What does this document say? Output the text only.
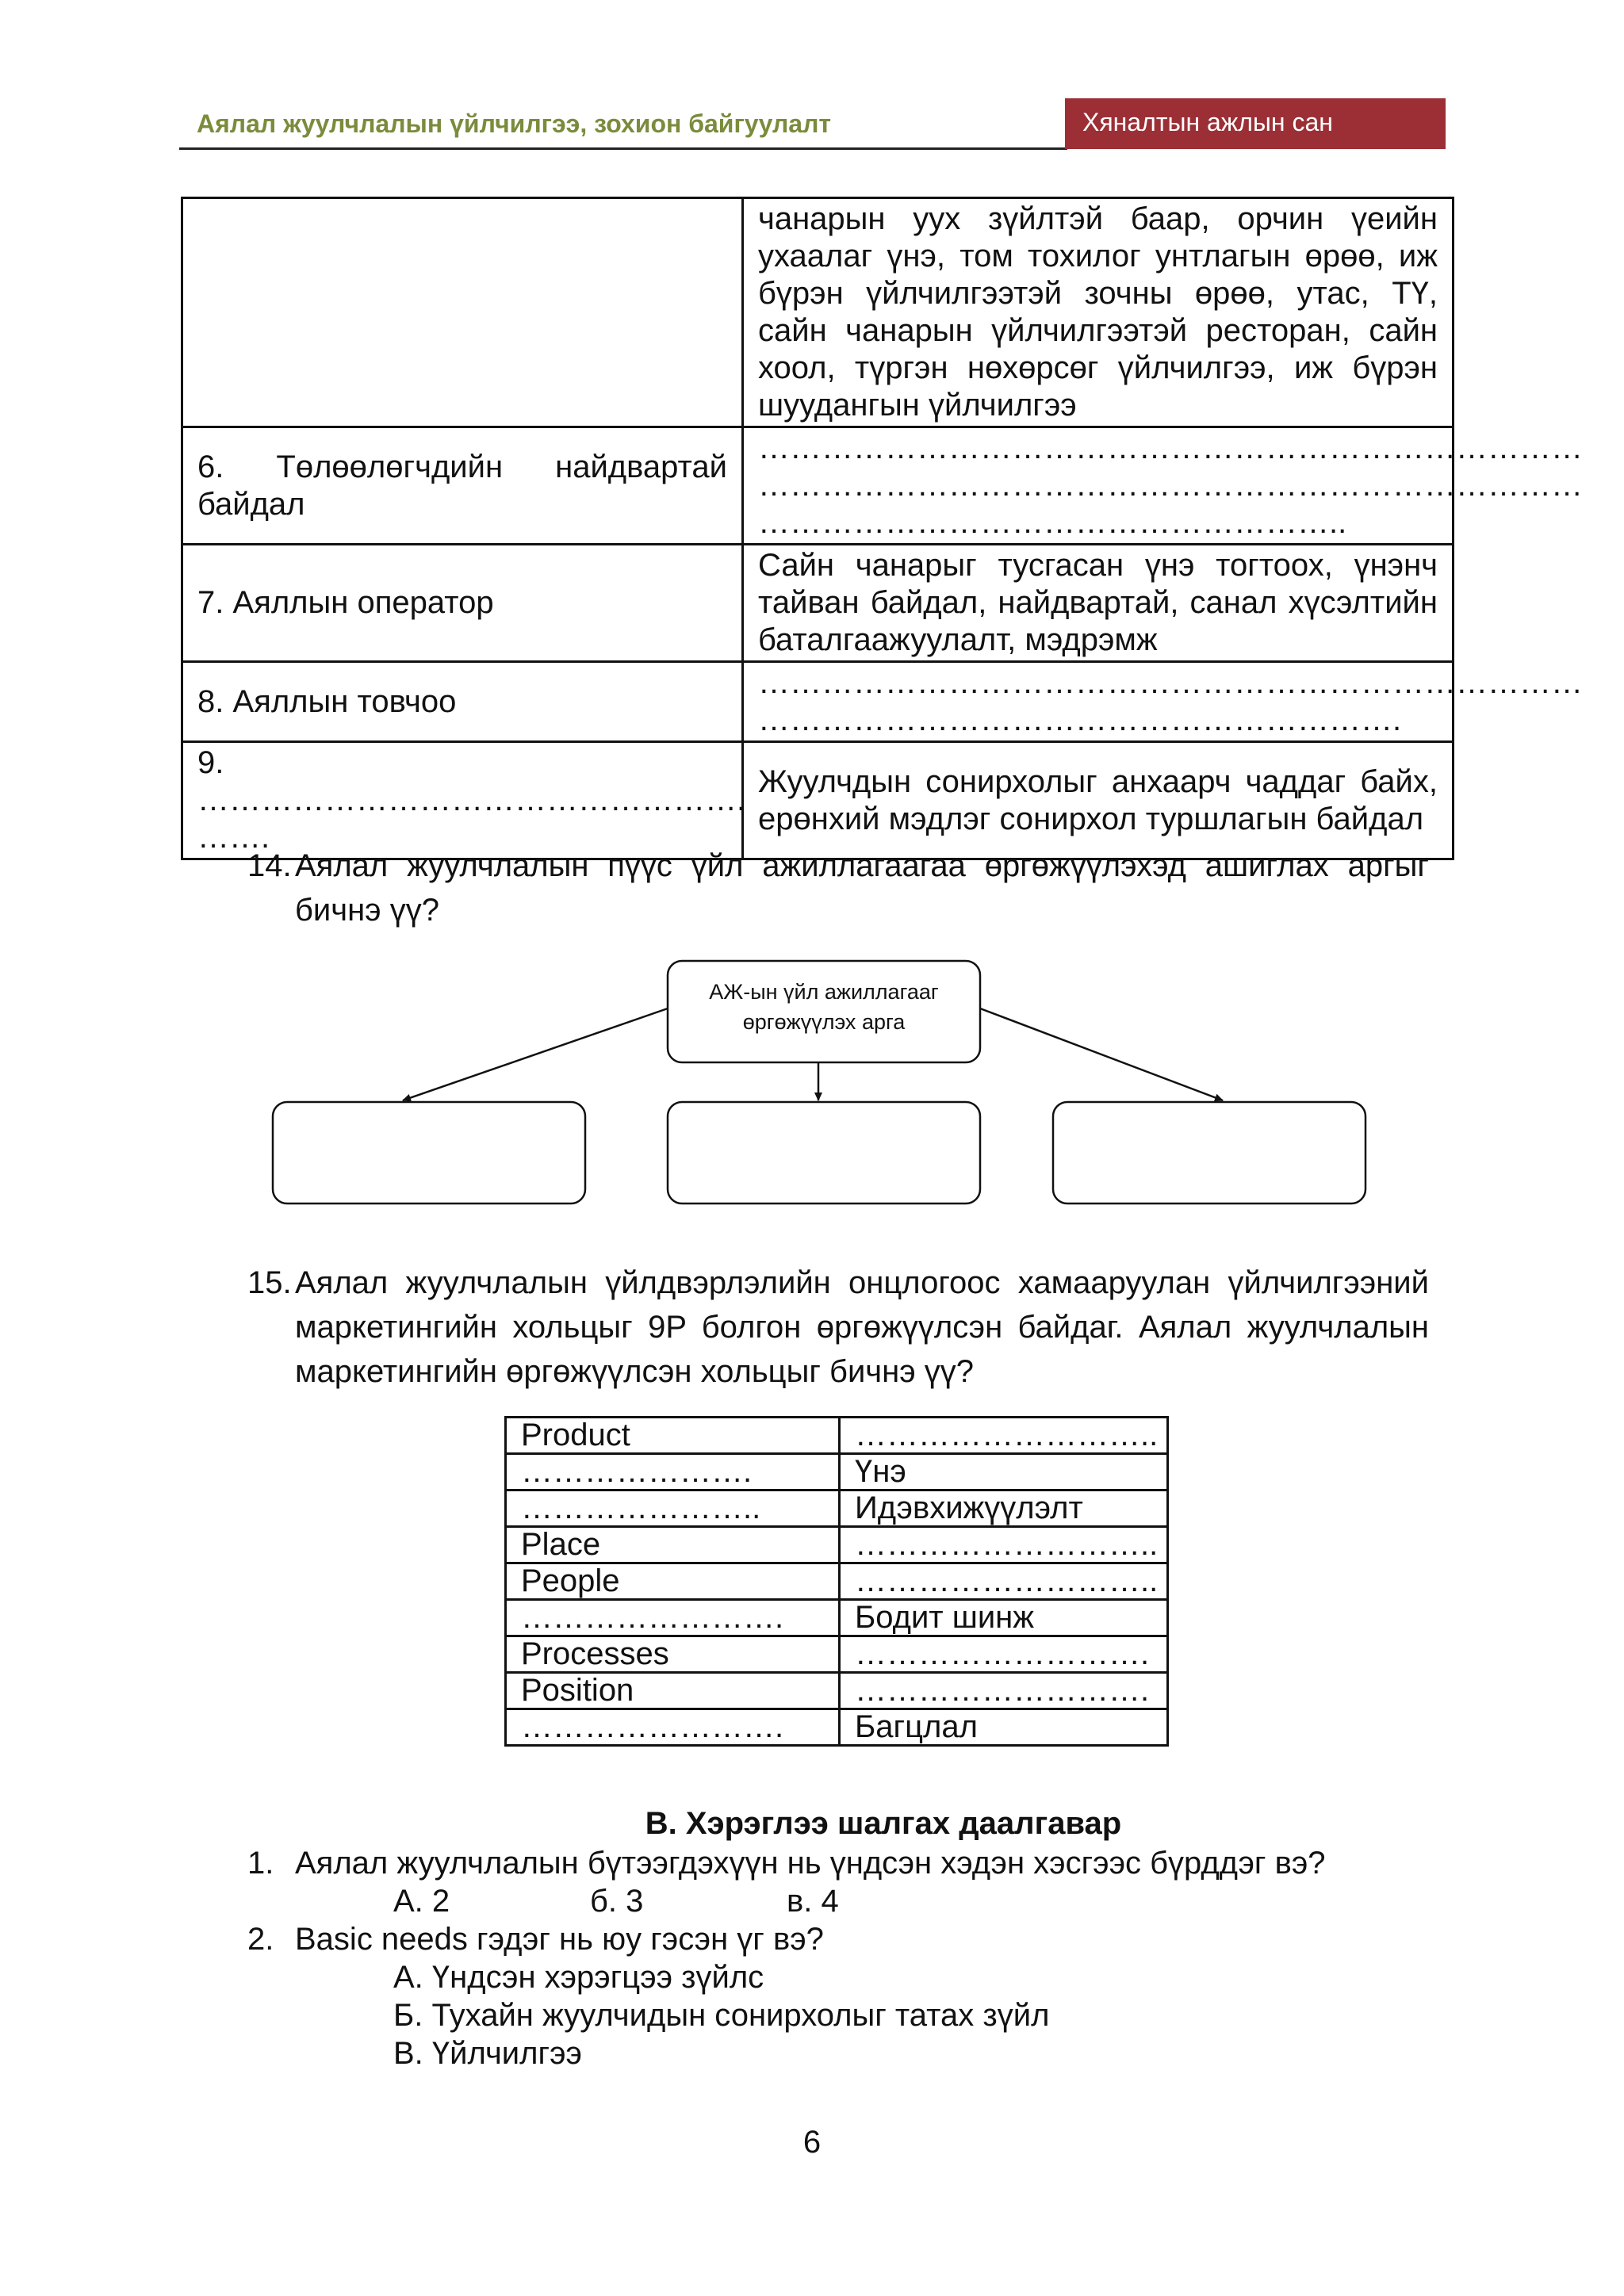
Аялал жуулчлалын үйлчилгээ, зохион байгуулалт	Хяналтын ажлын сан
	чанарын уух зүйлтэй баар, орчин үеийн ухаалаг үнэ, том тохилог унтлагын өрөө, иж бүрэн үйлчилгээтэй зочны өрөө, утас, ТҮ, сайн чанарын үйлчилгээтэй ресторан, сайн хоол, түргэн нөхөрсөг үйлчилгээ, иж бүрэн шуудангын үйлчилгээ
6. Төлөөлөгчдийн найдвартай байдал	……………………………………………………………………
……………………………………………………………………
………………………………………………..

7. Аяллын оператор	Сайн чанарыг тусгасан үнэ тогтоох, үнэнч тайван байдал, найдвартай, санал хүсэлтийн баталгаажуулалт, мэдрэмж
8. Аяллын товчоо	……………………………………………………………………
…………………………………………………….

9. …………………………………………….
…….	Жуулчдын сонирхолыг анхаарч чаддаг байх, ерөнхий мэдлэг сонирхол туршлагын байдал
14. Аялал жуулчлалын пүүс үйл ажиллагаагаа өргөжүүлэхэд ашиглах аргыг бичнэ үү?
АЖ-ын үйл ажиллагааг
өргөжүүлэх арга
15. Аялал жуулчлалын үйлдвэрлэлийн онцлогоос хамааруулан үйлчилгээний маркетингийн хольцыг 9P болгон өргөжүүлсэн байдаг. Аялал жуулчлалын маркетингийн өргөжүүлсэн хольцыг бичнэ үү?
Product	………………………..
………………….	Үнэ
…………………..	Идэвхижүүлэлт
Place	………………………..
People	………………………..
…………………….	Бодит шинж
Processes	……………………….
Position	……………………….
…………………….	Багцлал
В. Хэрэглээ шалгах даалгавар
1. Аялал жуулчлалын бүтээгдэхүүн нь үндсэн хэдэн хэсгээс бүрддэг вэ?
А. 2	б. 3	в. 4
2. Basic needs гэдэг нь юу гэсэн үг вэ?
А. Үндсэн хэрэгцээ зүйлс
Б. Тухайн жуулчидын сонирхолыг татах зүйл
В. Үйлчилгээ
6
